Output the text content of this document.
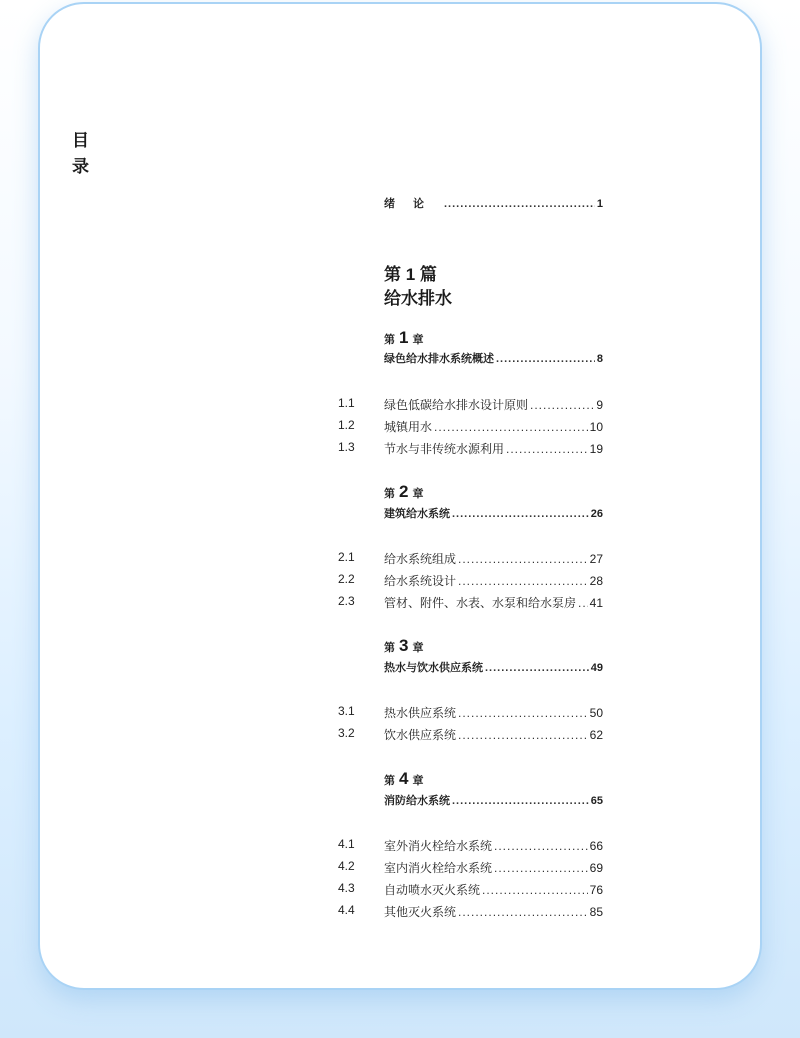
目
录
绪论 .....	1
第 1 篇
给水排水
第 1 章
绿色给水排水系统概述 .....	8
1.1	绿色低碳给水排水设计原则 .....	9
1.2	城镇用水 .....	10
1.3	节水与非传统水源利用 .....	19
第 2 章
建筑给水系统 .....	26
2.1	给水系统组成 .....	27
2.2	给水系统设计 .....	28
2.3	管材、附件、水表、水泵和给水泵房 ..... 41
第 3 章
热水与饮水供应系统 .....	49
3.1	热水供应系统 .....	50
3.2	饮水供应系统 .....	62
第 4 章
消防给水系统 .....	65
4.1	室外消火栓给水系统 .....	66
4.2	室内消火栓给水系统 .....	69
4.3	自动喷水灭火系统 .....	76
4.4	其他灭火系统 .....	85
